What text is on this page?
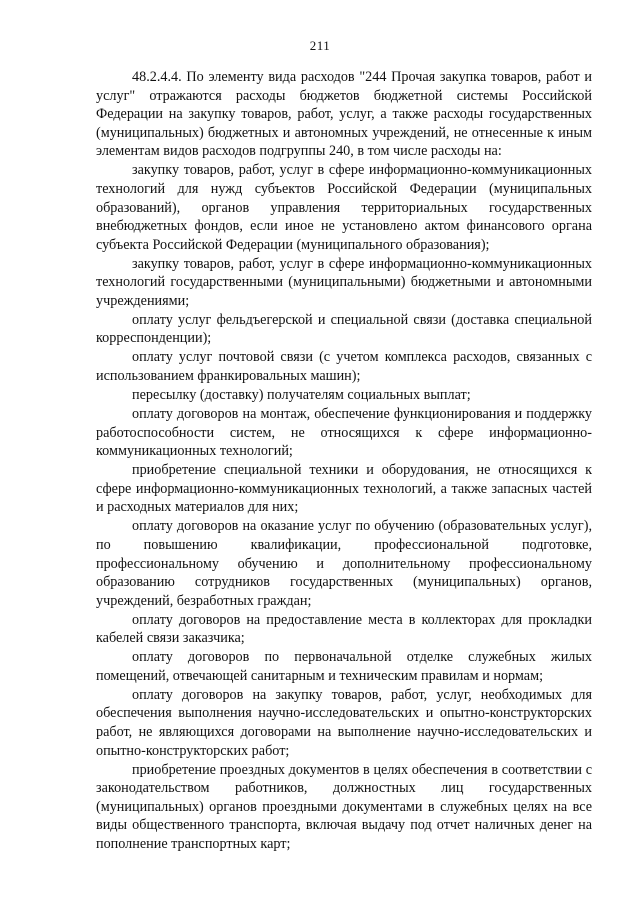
211

48.2.4.4. По элементу вида расходов "244 Прочая закупка товаров, работ и услуг" отражаются расходы бюджетов бюджетной системы Российской Федерации на закупку товаров, работ, услуг, а также расходы государственных (муниципальных) бюджетных и автономных учреждений, не отнесенные к иным элементам видов расходов подгруппы 240, в том числе расходы на:

закупку товаров, работ, услуг в сфере информационно-коммуникационных технологий для нужд субъектов Российской Федерации (муниципальных образований), органов управления территориальных государственных внебюджетных фондов, если иное не установлено актом финансового органа субъекта Российской Федерации (муниципального образования);

закупку товаров, работ, услуг в сфере информационно-коммуникационных технологий государственными (муниципальными) бюджетными и автономными учреждениями;

оплату услуг фельдъегерской и специальной связи (доставка специальной корреспонденции);

оплату услуг почтовой связи (с учетом комплекса расходов, связанных с использованием франкировальных машин);

пересылку (доставку) получателям социальных выплат;

оплату договоров на монтаж, обеспечение функционирования и поддержку работоспособности систем, не относящихся к сфере информационно-коммуникационных технологий;

приобретение специальной техники и оборудования, не относящихся к сфере информационно-коммуникационных технологий, а также запасных частей и расходных материалов для них;

оплату договоров на оказание услуг по обучению (образовательных услуг), по повышению квалификации, профессиональной подготовке, профессиональному обучению и дополнительному профессиональному образованию сотрудников государственных (муниципальных) органов, учреждений, безработных граждан;

оплату договоров на предоставление места в коллекторах для прокладки кабелей связи заказчика;

оплату договоров по первоначальной отделке служебных жилых помещений, отвечающей санитарным и техническим правилам и нормам;

оплату договоров на закупку товаров, работ, услуг, необходимых для обеспечения выполнения научно-исследовательских и опытно-конструкторских работ, не являющихся договорами на выполнение научно-исследовательских и опытно-конструкторских работ;

приобретение проездных документов в целях обеспечения в соответствии с законодательством работников, должностных лиц государственных (муниципальных) органов проездными документами в служебных целях на все виды общественного транспорта, включая выдачу под отчет наличных денег на пополнение транспортных карт;
